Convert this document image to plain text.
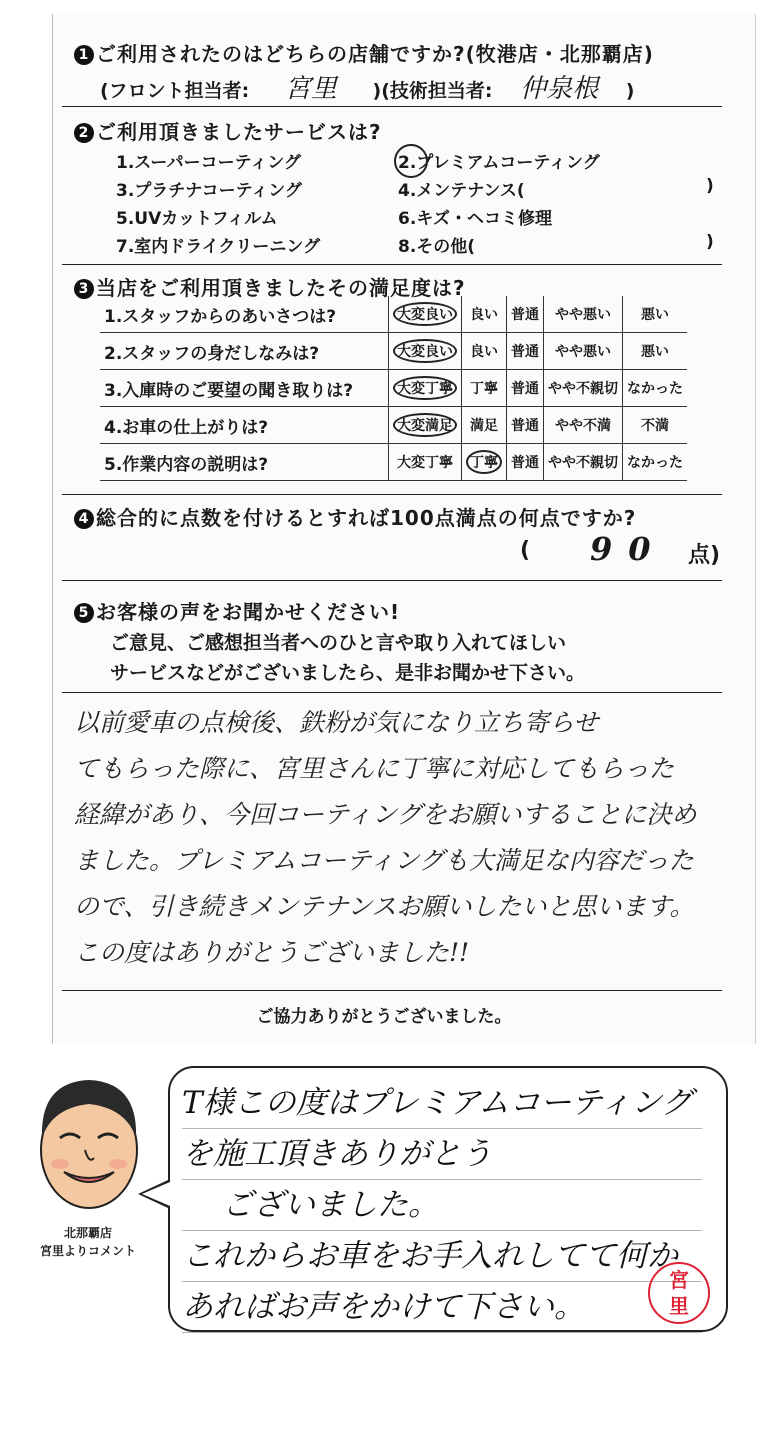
1 ご利用されたのはどちらの店舗ですか?(牧港店・北那覇店)
(フロント担当者: 宮里 )(技術担当者: 仲泉根 )
2 ご利用頂きましたサービスは?
1.スーパーコーティング	2.プレミアムコーティング
3.プラチナコーティング	4.メンテナンス(	)
5.UVカットフィルム	6.キズ・ヘコミ修理
7.室内ドライクリーニング	8.その他(	)
3 当店をご利用頂きましたその満足度は?
1.スタッフからのあいさつは?	大変良い	良い	普通	やや悪い	悪い
2.スタッフの身だしなみは?	大変良い	良い	普通	やや悪い	悪い
3.入庫時のご要望の聞き取りは?	大変丁寧	丁寧	普通	やや不親切	なかった
4.お車の仕上がりは?	大変満足	満足	普通	やや不満	不満
5.作業内容の説明は?	大変丁寧	丁寧	普通	やや不親切	なかった
4 総合的に点数を付けるとすれば100点満点の何点ですか?
( 90 点)
5 お客様の声をお聞かせください!
ご意見、ご感想担当者へのひと言や取り入れてほしい
サービスなどがございましたら、是非お聞かせ下さい。
以前愛車の点検後、鉄粉が気になり立ち寄らせ
てもらった際に、宮里さんに丁寧に対応してもらった
経緯があり、今回コーティングをお願いすることに決め
ました。プレミアムコーティングも大満足な内容だった
ので、引き続きメンテナンスお願いしたいと思います。
この度はありがとうございました!!
ご協力ありがとうございました。
北那覇店
宮里よりコメント
T様この度はプレミアムコーティング
を施工頂きありがとう
ございました。
これからお車をお手入れしてて何か
あればお声をかけて下さい。
宮
里
